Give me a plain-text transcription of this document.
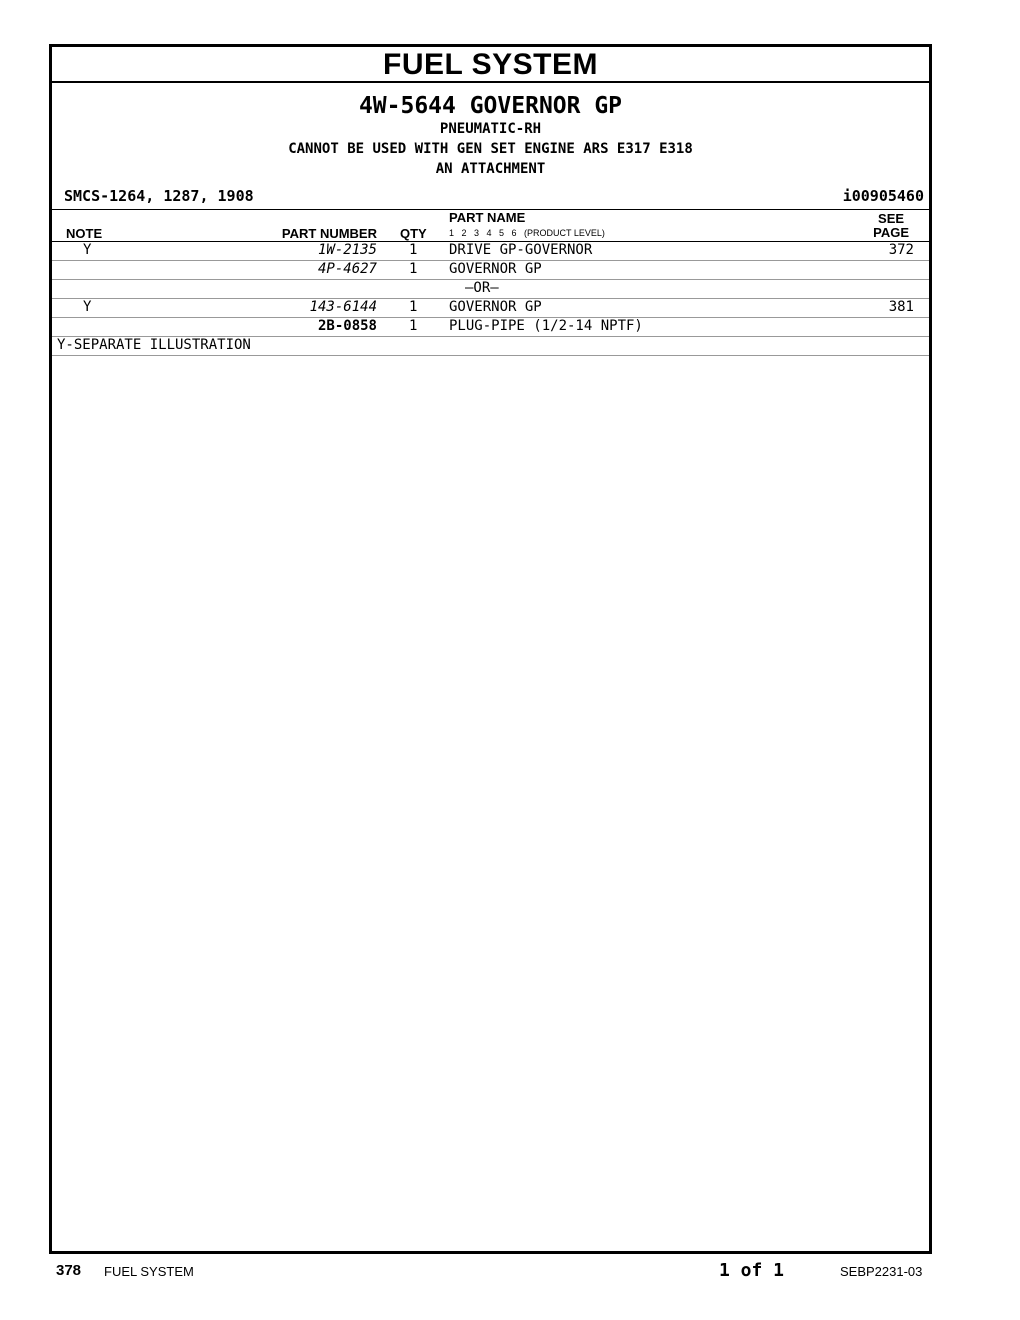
FUEL SYSTEM
4W-5644 GOVERNOR GP
PNEUMATIC-RH
CANNOT BE USED WITH GEN SET ENGINE ARS E317 E318
AN ATTACHMENT
SMCS-1264, 1287, 1908	i00905460
NOTE	PART NUMBER QTY
PART NAME
1   2   3   4   5   6   (PRODUCT LEVEL)
SEE
PAGE
Y	1W-2135 1 DRIVE GP-GOVERNOR	372
4P-4627 1 GOVERNOR GP
—OR—
Y	143-6144 1 GOVERNOR GP	381
2B-0858 1 PLUG-PIPE (1/2-14 NPTF)
Y-SEPARATE ILLUSTRATION
378 FUEL SYSTEM	1 of 1	SEBP2231-03
